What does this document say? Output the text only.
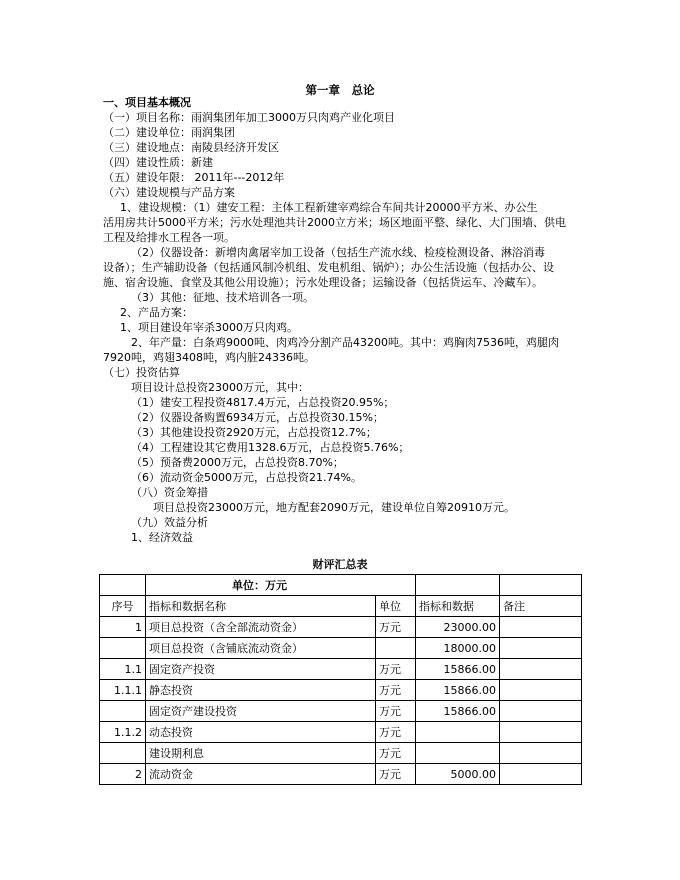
第一章　总论
一、项目基本概况
（一）项目名称：雨润集团年加工3000万只肉鸡产业化项目
（二）建设单位：雨润集团
（三）建设地点：南陵县经济开发区
（四）建设性质：新建
（五）建设年限： 2011年---2012年
（六）建设规模与产品方案
1、建设规模：（1）建安工程：主体工程新建宰鸡综合车间共计20000平方米、办公生
活用房共计5000平方米；污水处理池共计2000立方米；场区地面平整、绿化、大门围墙、供电
工程及给排水工程各一项。
（2）仪器设备：新增肉禽屠宰加工设备（包括生产流水线、检疫检测设备、淋浴消毒
设备）；生产辅助设备（包括通风制冷机组、发电机组、锅炉）；办公生活设施（包括办公、设
施、宿舍设施、食堂及其他公用设施）；污水处理设备；运输设备（包括货运车、冷藏车）。
（3）其他：征地、技术培训各一项。
2、产品方案：
1、项目建设年宰杀3000万只肉鸡。
2、年产量：白条鸡9000吨、肉鸡冷分割产品43200吨。其中：鸡胸肉7536吨，鸡腿肉
7920吨，鸡翅3408吨，鸡内脏24336吨。
（七）投资估算
项目设计总投资23000万元，其中：
（1）建安工程投资4817.4万元，占总投资20.95%；
（2）仪器设备购置6934万元，占总投资30.15%；
（3）其他建设投资2920万元，占总投资12.7%；
（4）工程建设其它费用1328.6万元，占总投资5.76%；
（5）预备费2000万元，占总投资8.70%；
（6）流动资金5000万元，占总投资21.74%。
（八）资金筹措
项目总投资23000万元，地方配套2090万元，建设单位自筹20910万元。
（九）效益分析
1、经济效益
财评汇总表
	单位：万元			
序号	指标和数据名称	单位	指标和数据	备注
1	项目总投资（含全部流动资金）	万元	23000.00	
	项目总投资（含铺底流动资金）		18000.00	
1.1	固定资产投资	万元	15866.00	
1.1.1	静态投资	万元	15866.00	
	固定资产建设投资	万元	15866.00	
1.1.2	动态投资	万元		
	建设期利息	万元		
2	流动资金	万元	5000.00	
